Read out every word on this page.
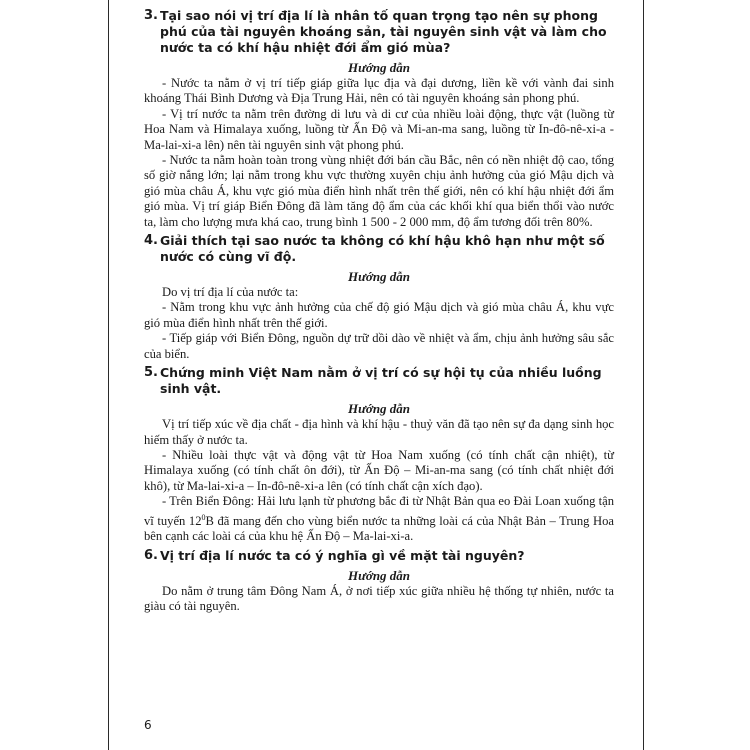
3. Tại sao nói vị trí địa lí là nhân tố quan trọng tạo nên sự phong phú của tài nguyên khoáng sản, tài nguyên sinh vật và làm cho nước ta có khí hậu nhiệt đới ẩm gió mùa?

Hướng dẫn

- Nước ta nằm ở vị trí tiếp giáp giữa lục địa và đại dương, liền kề với vành đai sinh khoáng Thái Bình Dương và Địa Trung Hải, nên có tài nguyên khoáng sản phong phú.

- Vị trí nước ta nằm trên đường di lưu và di cư của nhiều loài động, thực vật (luồng từ Hoa Nam và Himalaya xuống, luồng từ Ấn Độ và Mi-an-ma sang, luồng từ In-đô-nê-xi-a - Ma-lai-xi-a lên) nên tài nguyên sinh vật phong phú.

- Nước ta nằm hoàn toàn trong vùng nhiệt đới bán cầu Bắc, nên có nền nhiệt độ cao, tổng số giờ nắng lớn; lại nằm trong khu vực thường xuyên chịu ảnh hưởng của gió Mậu dịch và gió mùa châu Á, khu vực gió mùa điển hình nhất trên thế giới, nên có khí hậu nhiệt đới ẩm gió mùa. Vị trí giáp Biển Đông đã làm tăng độ ẩm của các khối khí qua biển thổi vào nước ta, làm cho lượng mưa khá cao, trung bình 1 500 - 2 000 mm, độ ẩm tương đối trên 80%.

4. Giải thích tại sao nước ta không có khí hậu khô hạn như một số nước có cùng vĩ độ.

Hướng dẫn

Do vị trí địa lí của nước ta:

- Nằm trong khu vực ảnh hưởng của chế độ gió Mậu dịch và gió mùa châu Á, khu vực gió mùa điển hình nhất trên thế giới.

- Tiếp giáp với Biển Đông, nguồn dự trữ dồi dào về nhiệt và ẩm, chịu ảnh hưởng sâu sắc của biển.

5. Chứng minh Việt Nam nằm ở vị trí có sự hội tụ của nhiều luồng sinh vật.

Hướng dẫn

Vị trí tiếp xúc về địa chất - địa hình và khí hậu - thuỷ văn đã tạo nên sự đa dạng sinh học hiếm thấy ở nước ta.

- Nhiều loài thực vật và động vật từ Hoa Nam xuống (có tính chất cận nhiệt), từ Himalaya xuống (có tính chất ôn đới), từ Ấn Độ – Mi-an-ma sang (có tính chất nhiệt đới khô), từ Ma-lai-xi-a – In-đô-nê-xi-a lên (có tính chất cận xích đạo).

- Trên Biển Đông: Hải lưu lạnh từ phương bắc đi từ Nhật Bản qua eo Đài Loan xuống tận vĩ tuyến $12^0B$ đã mang đến cho vùng biển nước ta những loài cá của Nhật Bản – Trung Hoa bên cạnh các loài cá của khu hệ Ấn Độ – Ma-lai-xi-a.

6. Vị trí địa lí nước ta có ý nghĩa gì về mặt tài nguyên?

Hướng dẫn

Do nằm ở trung tâm Đông Nam Á, ở nơi tiếp xúc giữa nhiều hệ thống tự nhiên, nước ta giàu có tài nguyên.

6
